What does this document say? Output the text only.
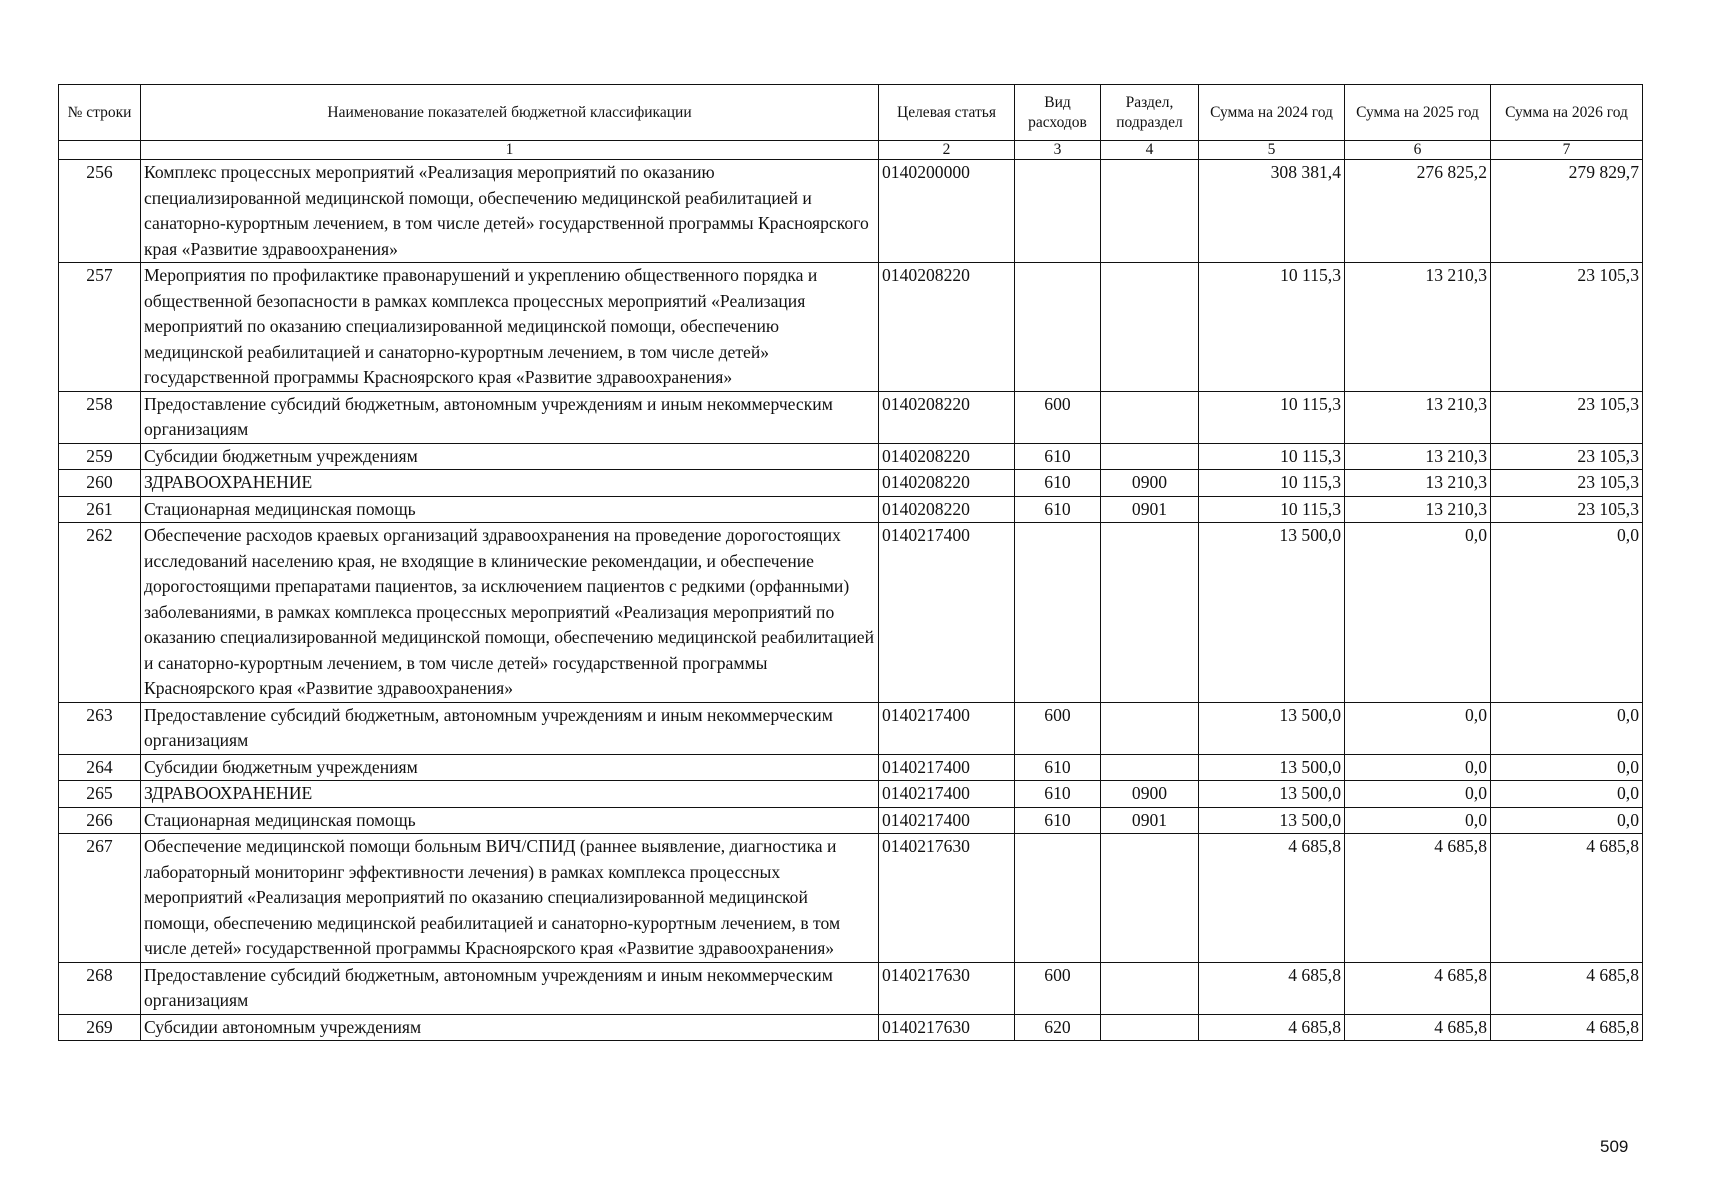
№ строки	Наименование показателей бюджетной классификации	Целевая статья	Вид расходов	Раздел, подраздел	Сумма на 2024 год	Сумма на 2025 год	Сумма на 2026 год
	1	2	3	4	5	6	7
256	Комплекс процессных мероприятий «Реализация мероприятий по оказанию специализированной медицинской помощи, обеспечению медицинской реабилитацией и санаторно-курортным лечением, в том числе детей» государственной программы Красноярского края «Развитие здравоохранения»	0140200000			308 381,4	276 825,2	279 829,7
257	Мероприятия по профилактике правонарушений и укреплению общественного порядка и общественной безопасности в рамках комплекса процессных мероприятий «Реализация мероприятий по оказанию специализированной медицинской помощи, обеспечению медицинской реабилитацией и санаторно-курортным лечением, в том числе детей» государственной программы Красноярского края «Развитие здравоохранения»	0140208220			10 115,3	13 210,3	23 105,3
258	Предоставление субсидий бюджетным, автономным учреждениям и иным некоммерческим организациям	0140208220	600		10 115,3	13 210,3	23 105,3
259	Субсидии бюджетным учреждениям	0140208220	610		10 115,3	13 210,3	23 105,3
260	ЗДРАВООХРАНЕНИЕ	0140208220	610	0900	10 115,3	13 210,3	23 105,3
261	Стационарная медицинская помощь	0140208220	610	0901	10 115,3	13 210,3	23 105,3
262	Обеспечение расходов краевых организаций здравоохранения на проведение дорогостоящих исследований населению края, не входящие в клинические рекомендации, и обеспечение дорогостоящими препаратами пациентов, за исключением пациентов с редкими (орфанными) заболеваниями, в рамках комплекса процессных мероприятий «Реализация мероприятий по оказанию специализированной медицинской помощи, обеспечению медицинской реабилитацией и санаторно-курортным лечением, в том числе детей» государственной программы Красноярского края «Развитие здравоохранения»	0140217400			13 500,0	0,0	0,0
263	Предоставление субсидий бюджетным, автономным учреждениям и иным некоммерческим организациям	0140217400	600		13 500,0	0,0	0,0
264	Субсидии бюджетным учреждениям	0140217400	610		13 500,0	0,0	0,0
265	ЗДРАВООХРАНЕНИЕ	0140217400	610	0900	13 500,0	0,0	0,0
266	Стационарная медицинская помощь	0140217400	610	0901	13 500,0	0,0	0,0
267	Обеспечение медицинской помощи больным ВИЧ/СПИД (раннее выявление, диагностика и лабораторный мониторинг эффективности лечения) в рамках комплекса процессных мероприятий «Реализация мероприятий по оказанию специализированной медицинской помощи, обеспечению медицинской реабилитацией и санаторно-курортным лечением, в том числе детей» государственной программы Красноярского края «Развитие здравоохранения»	0140217630			4 685,8	4 685,8	4 685,8
268	Предоставление субсидий бюджетным, автономным учреждениям и иным некоммерческим организациям	0140217630	600		4 685,8	4 685,8	4 685,8
269	Субсидии автономным учреждениям	0140217630	620		4 685,8	4 685,8	4 685,8
509
